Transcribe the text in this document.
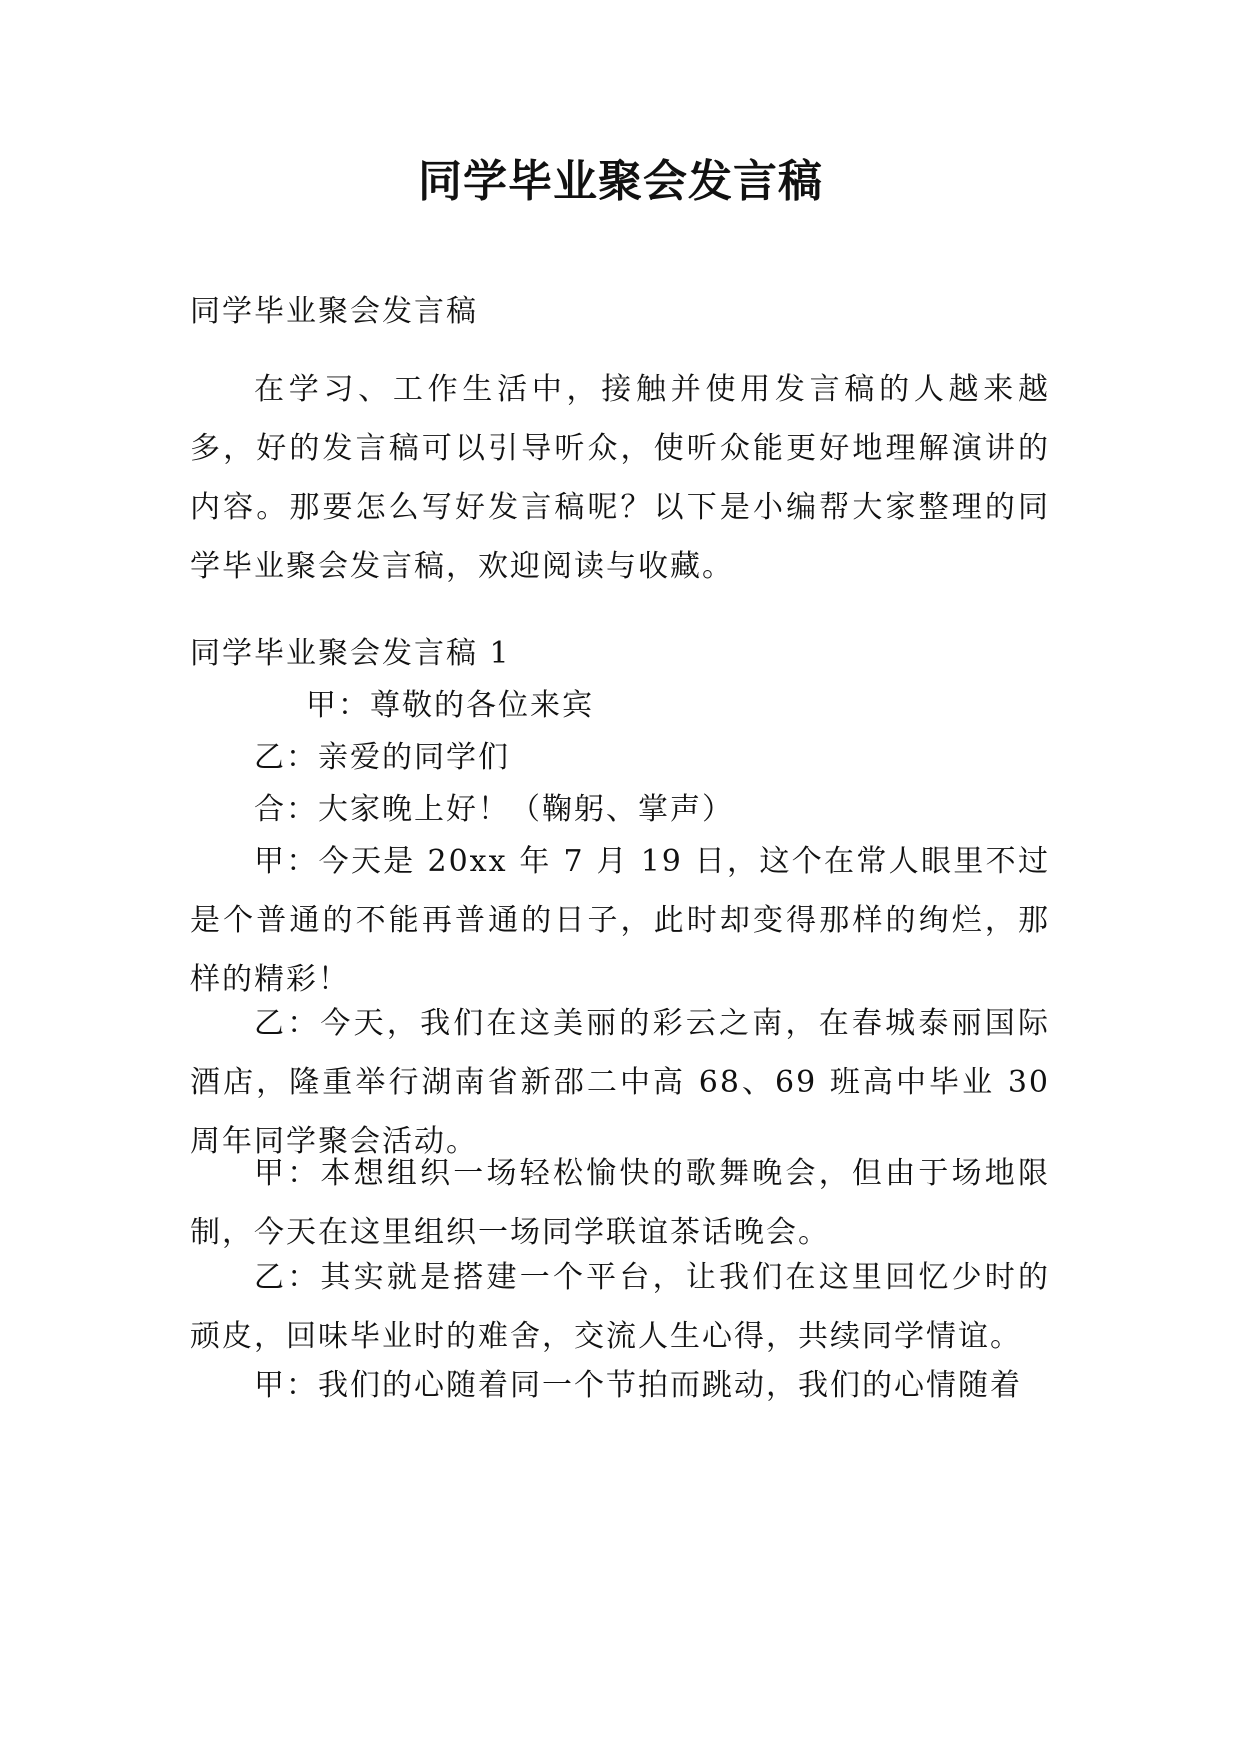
同学毕业聚会发言稿

同学毕业聚会发言稿

在学习、工作生活中，接触并使用发言稿的人越来越多，好的发言稿可以引导听众，使听众能更好地理解演讲的内容。那要怎么写好发言稿呢？以下是小编帮大家整理的同学毕业聚会发言稿，欢迎阅读与收藏。

同学毕业聚会发言稿 1

甲：尊敬的各位来宾

乙：亲爱的同学们

合：大家晚上好！（鞠躬、掌声）

甲：今天是 20xx 年 7 月 19 日，这个在常人眼里不过是个普通的不能再普通的日子，此时却变得那样的绚烂，那样的精彩！

乙：今天，我们在这美丽的彩云之南，在春城泰丽国际酒店，隆重举行湖南省新邵二中高 68、69 班高中毕业 30 周年同学聚会活动。

甲：本想组织一场轻松愉快的歌舞晚会，但由于场地限制，今天在这里组织一场同学联谊茶话晚会。

乙：其实就是搭建一个平台，让我们在这里回忆少时的顽皮，回味毕业时的难舍，交流人生心得，共续同学情谊。

甲：我们的心随着同一个节拍而跳动，我们的心情随着
